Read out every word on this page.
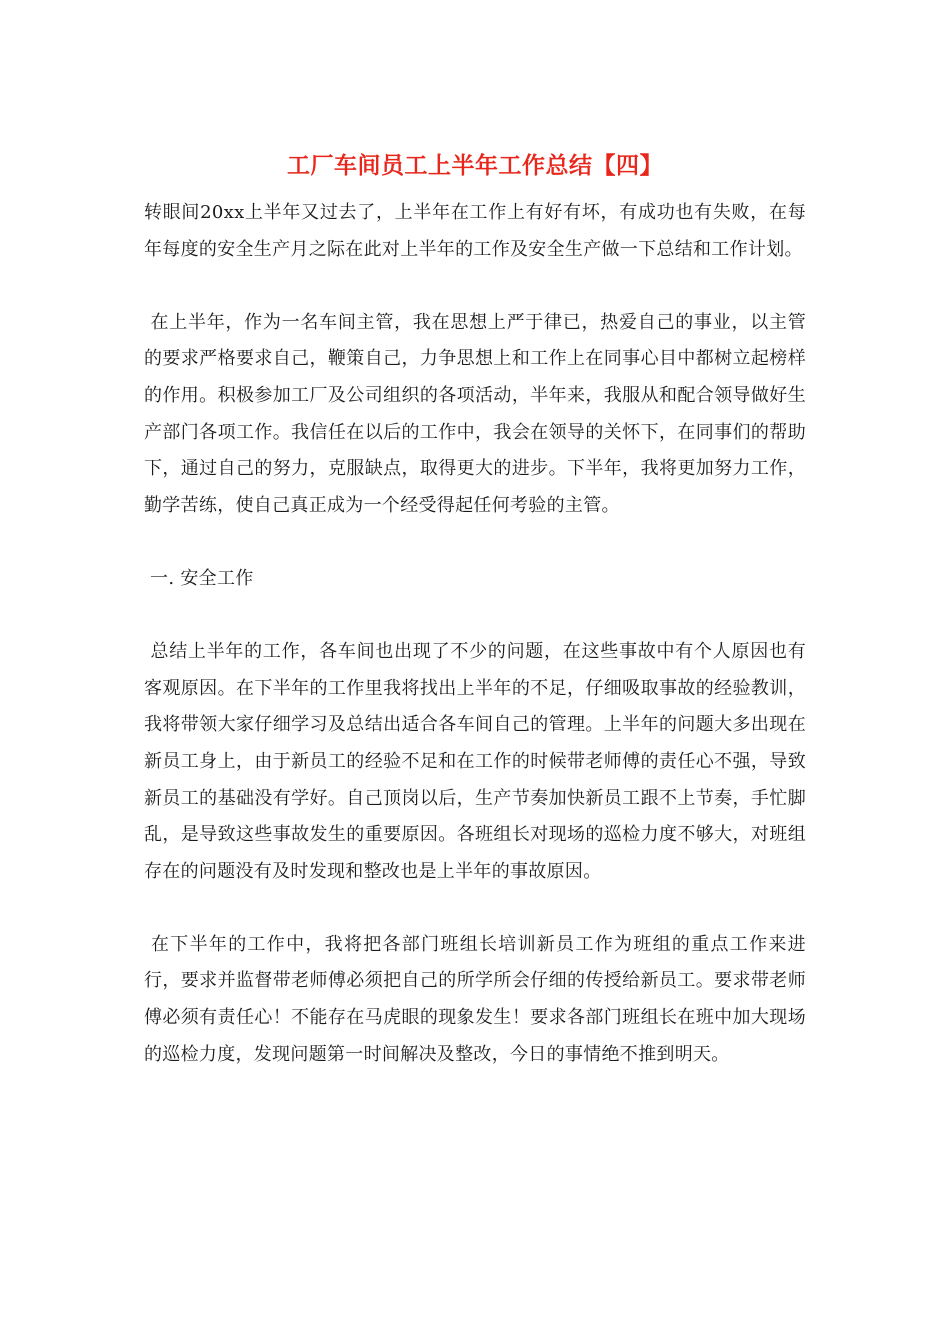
工厂车间员工上半年工作总结【四】

转眼间20xx上半年又过去了，上半年在工作上有好有坏，有成功也有失败，在每年每度的安全生产月之际在此对上半年的工作及安全生产做一下总结和工作计划。

在上半年，作为一名车间主管，我在思想上严于律已，热爱自己的事业，以主管的要求严格要求自己，鞭策自己，力争思想上和工作上在同事心目中都树立起榜样的作用。积极参加工厂及公司组织的各项活动，半年来，我服从和配合领导做好生产部门各项工作。我信任在以后的工作中，我会在领导的关怀下，在同事们的帮助下，通过自己的努力，克服缺点，取得更大的进步。下半年，我将更加努力工作，勤学苦练，使自己真正成为一个经受得起任何考验的主管。

一. 安全工作

总结上半年的工作，各车间也出现了不少的问题，在这些事故中有个人原因也有客观原因。在下半年的工作里我将找出上半年的不足，仔细吸取事故的经验教训，我将带领大家仔细学习及总结出适合各车间自己的管理。上半年的问题大多出现在新员工身上，由于新员工的经验不足和在工作的时候带老师傅的责任心不强，导致新员工的基础没有学好。自己顶岗以后，生产节奏加快新员工跟不上节奏，手忙脚乱，是导致这些事故发生的重要原因。各班组长对现场的巡检力度不够大，对班组存在的问题没有及时发现和整改也是上半年的事故原因。

在下半年的工作中，我将把各部门班组长培训新员工作为班组的重点工作来进行，要求并监督带老师傅必须把自己的所学所会仔细的传授给新员工。要求带老师傅必须有责任心！不能存在马虎眼的现象发生！要求各部门班组长在班中加大现场的巡检力度，发现问题第一时间解决及整改，今日的事情绝不推到明天。
